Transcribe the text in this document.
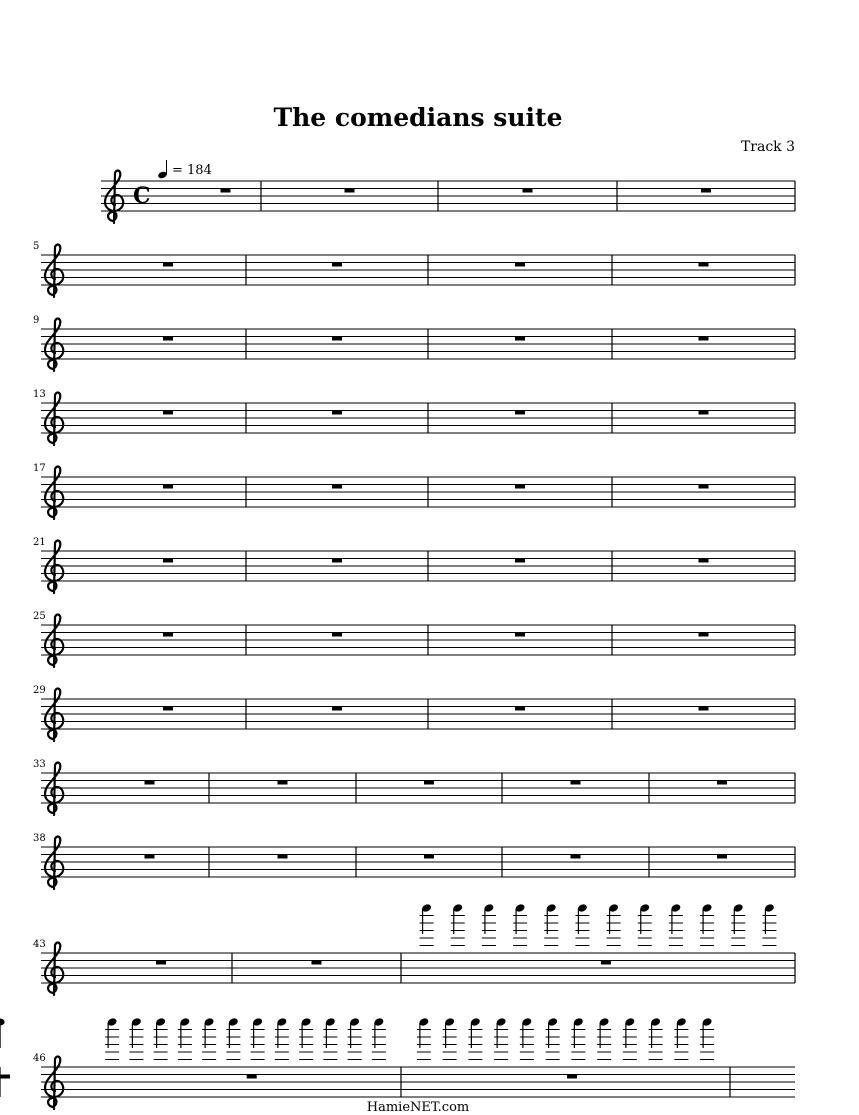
The comedians suite
Track 3
= 184
C
5
9
13
17
21
25
29
33
38
43
46
HamieNET.com
